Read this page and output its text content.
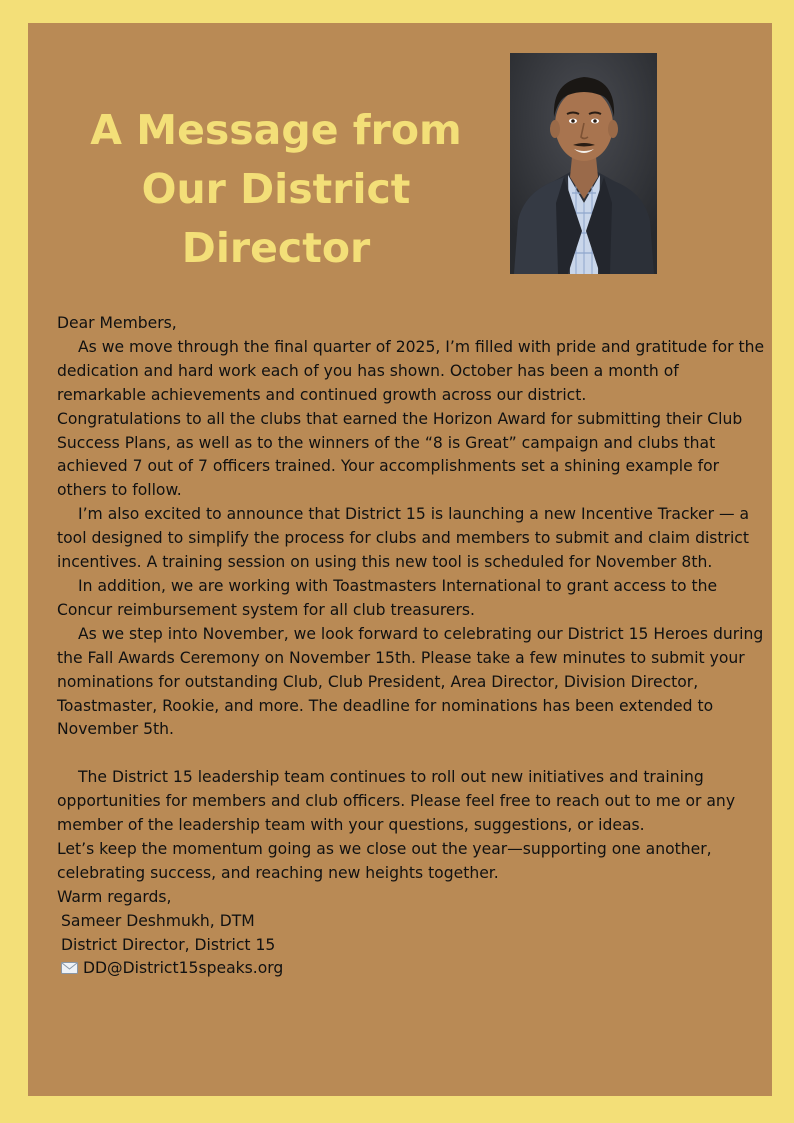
A Message from
Our District
Director

Dear Members,

As we move through the final quarter of 2025, I’m filled with pride and gratitude for the dedication and hard work each of you has shown. October has been a month of remarkable achievements and continued growth across our district.

Congratulations to all the clubs that earned the Horizon Award for submitting their Club Success Plans, as well as to the winners of the “8 is Great” campaign and clubs that achieved 7 out of 7 officers trained. Your accomplishments set a shining example for others to follow.

I’m also excited to announce that District 15 is launching a new Incentive Tracker — a tool designed to simplify the process for clubs and members to submit and claim district incentives. A training session on using this new tool is scheduled for November 8th.

In addition, we are working with Toastmasters International to grant access to the Concur reimbursement system for all club treasurers.

As we step into November, we look forward to celebrating our District 15 Heroes during the Fall Awards Ceremony on November 15th. Please take a few minutes to submit your nominations for outstanding Club, Club President, Area Director, Division Director, Toastmaster, Rookie, and more. The deadline for nominations has been extended to November 5th.

The District 15 leadership team continues to roll out new initiatives and training opportunities for members and club officers. Please feel free to reach out to me or any member of the leadership team with your questions, suggestions, or ideas.

Let’s keep the momentum going as we close out the year—supporting one another, celebrating success, and reaching new heights together.

Warm regards,

Sameer Deshmukh, DTM

District Director, District 15

DD@District15speaks.org
